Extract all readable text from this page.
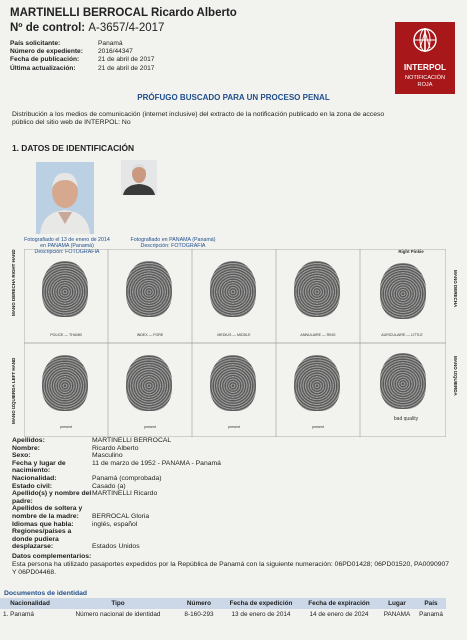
MARTINELLI BERROCAL Ricardo Alberto
Nº de control: A-3657/4-2017
País solicitante:	Panamá
Número de expediente:	2016/44347
Fecha de publicación:	21 de abril de 2017
Última actualización:	21 de abril de 2017	INTERPOL
NOTIFICACIÓN
ROJA
PRÓFUGO BUSCADO PARA UN PROCESO PENAL
Distribución a los medios de comunicación (internet inclusive) del extracto de la notificación publicado en la zona de acceso público del sitio web de INTERPOL: No
1. DATOS DE IDENTIFICACIÓN
Fotografiado el 13 de enero de 2014
en PANAMA (Panamá)
Descripción: FOTOGRAFIA
Fotografiado en PANAMA (Panamá)
Descripción: FOTOGRAFIA
MANO DERECHA RIGHT HAND
MANO IZQUIERDA LEFT HAND
MANO DERECHA
MANO IZQUIERDA
Right Pinkie
POLICE — THUMB	INDEX — FORE	MEDIUS — MIDDLE	ANNULAIRE — RING	AURICULAIRE — LITTLE
present	present	present	present
bad quality
Apellidos:	MARTINELLI BERROCAL
Nombre:	Ricardo Alberto
Sexo:	Masculino
Fecha y lugar de nacimiento:
11 de marzo de 1952 - PANAMA - Panamá
Nacionalidad:	Panamá (comprobada)
Estado civil:	Casado (a)
Apellido(s) y nombre del padre:
MARTINELLI Ricardo
Apellidos de soltera y nombre de la madre:	BERROCAL Gloria
Idiomas que habla:	inglés, español
Regiones/países a donde pudiera desplazarse:	Estados Unidos
Datos complementarios:
Esta persona ha utilizado pasaportes expedidos por la República de Panamá con la siguiente numeración: 06PD01428; 06PD01520, PA0090907 Y 06PD04468.
Documentos de identidad
Nacionalidad	Tipo	Número	Fecha de expedición	Fecha de expiración	Lugar	País
1. Panamá	Número nacional de identidad	8-160-293	13 de enero de 2014	14 de enero de 2024	PANAMA	Panamá
